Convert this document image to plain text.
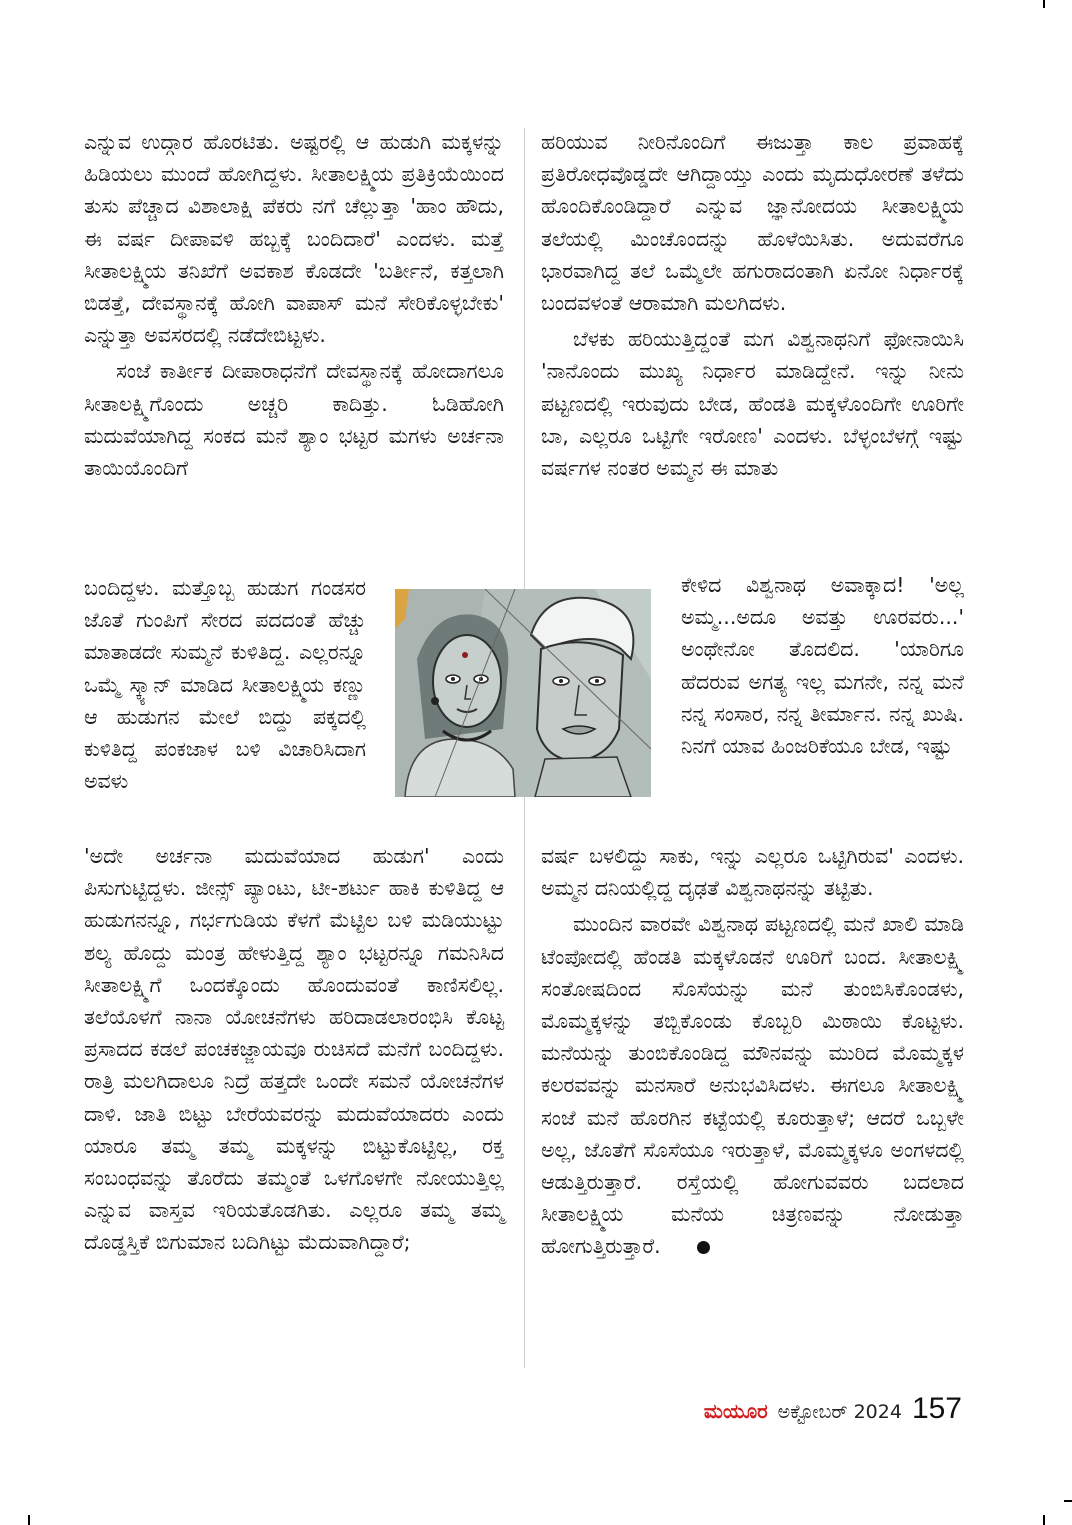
ಎನ್ನುವ ಉದ್ಗಾರ ಹೊರಟಿತು. ಅಷ್ಟರಲ್ಲಿ ಆ ಹುಡುಗಿ ಮಕ್ಕಳನ್ನು ಹಿಡಿಯಲು ಮುಂದೆ ಹೋಗಿದ್ದಳು. ಸೀತಾಲಕ್ಷ್ಮಿಯ ಪ್ರತಿಕ್ರಿಯೆಯಿಂದ ತುಸು ಪೆಚ್ಚಾದ ವಿಶಾಲಾಕ್ಷಿ ಪೆಕರು ನಗೆ ಚೆಲ್ಲುತ್ತಾ 'ಹಾಂ ಹೌದು, ಈ ವರ್ಷ ದೀಪಾವಳಿ ಹಬ್ಬಕ್ಕೆ ಬಂದಿದಾರೆ' ಎಂದಳು. ಮತ್ತೆ ಸೀತಾಲಕ್ಷ್ಮಿಯ ತನಿಖೆಗೆ ಅವಕಾಶ ಕೊಡದೇ 'ಬರ್ತೀನೆ, ಕತ್ತಲಾಗಿ ಬಿಡತ್ತೆ, ದೇವಸ್ಥಾನಕ್ಕೆ ಹೋಗಿ ವಾಪಾಸ್ ಮನೆ ಸೇರಿಕೊಳ್ಳಬೇಕು' ಎನ್ನುತ್ತಾ ಅವಸರದಲ್ಲಿ ನಡೆದೇಬಿಟ್ಟಳು.

ಸಂಜೆ ಕಾರ್ತೀಕ ದೀಪಾರಾಧನೆಗೆ ದೇವಸ್ಥಾನಕ್ಕೆ ಹೋದಾಗಲೂ ಸೀತಾಲಕ್ಷ್ಮಿಗೊಂದು ಅಚ್ಚರಿ ಕಾದಿತ್ತು. ಓಡಿಹೋಗಿ ಮದುವೆಯಾಗಿದ್ದ ಸಂಕದ ಮನೆ ಶ್ಯಾಂ ಭಟ್ಟರ ಮಗಳು ಅರ್ಚನಾ ತಾಯಿಯೊಂದಿಗೆ

ಬಂದಿದ್ದಳು. ಮತ್ತೊಬ್ಬ ಹುಡುಗ ಗಂಡಸರ ಜೊತೆ ಗುಂಪಿಗೆ ಸೇರದ ಪದದಂತೆ ಹೆಚ್ಚು ಮಾತಾಡದೇ ಸುಮ್ಮನೆ ಕುಳಿತಿದ್ದ. ಎಲ್ಲರನ್ನೂ ಒಮ್ಮೆ ಸ್ಕ್ಯಾನ್ ಮಾಡಿದ ಸೀತಾಲಕ್ಷ್ಮಿಯ ಕಣ್ಣು ಆ ಹುಡುಗನ ಮೇಲೆ ಬಿದ್ದು ಪಕ್ಕದಲ್ಲಿ ಕುಳಿತಿದ್ದ ಪಂಕಜಾಳ ಬಳಿ ವಿಚಾರಿಸಿದಾಗ ಅವಳು

'ಅದೇ ಅರ್ಚನಾ ಮದುವೆಯಾದ ಹುಡುಗ' ಎಂದು ಪಿಸುಗುಟ್ಟಿದ್ದಳು. ಜೀನ್ಸ್ ಪ್ಯಾಂಟು, ಟೀ-ಶರ್ಟು ಹಾಕಿ ಕುಳಿತಿದ್ದ ಆ ಹುಡುಗನನ್ನೂ, ಗರ್ಭಗುಡಿಯ ಕೆಳಗೆ ಮೆಟ್ಟಿಲ ಬಳಿ ಮಡಿಯುಟ್ಟು ಶಲ್ಯ ಹೊದ್ದು ಮಂತ್ರ ಹೇಳುತ್ತಿದ್ದ ಶ್ಯಾಂ ಭಟ್ಟರನ್ನೂ ಗಮನಿಸಿದ ಸೀತಾಲಕ್ಷ್ಮಿಗೆ ಒಂದಕ್ಕೊಂದು ಹೊಂದುವಂತೆ ಕಾಣಿಸಲಿಲ್ಲ. ತಲೆಯೊಳಗೆ ನಾನಾ ಯೋಚನೆಗಳು ಹರಿದಾಡಲಾರಂಭಿಸಿ ಕೊಟ್ಟ ಪ್ರಸಾದದ ಕಡಲೆ ಪಂಚಕಜ್ಜಾಯವೂ ರುಚಿಸದೆ ಮನೆಗೆ ಬಂದಿದ್ದಳು. ರಾತ್ರಿ ಮಲಗಿದಾಲೂ ನಿದ್ರೆ ಹತ್ತದೇ ಒಂದೇ ಸಮನೆ ಯೋಚನೆಗಳ ದಾಳಿ. ಜಾತಿ ಬಿಟ್ಟು ಬೇರೆಯವರನ್ನು ಮದುವೆಯಾದರು ಎಂದು ಯಾರೂ ತಮ್ಮ ತಮ್ಮ ಮಕ್ಕಳನ್ನು ಬಿಟ್ಟುಕೊಟ್ಟಿಲ್ಲ, ರಕ್ತ ಸಂಬಂಧವನ್ನು ತೊರೆದು ತಮ್ಮಂತೆ ಒಳಗೊಳಗೇ ನೋಯುತ್ತಿಲ್ಲ ಎನ್ನುವ ವಾಸ್ತವ ಇರಿಯತೊಡಗಿತು. ಎಲ್ಲರೂ ತಮ್ಮ ತಮ್ಮ ದೊಡ್ಡಸ್ತಿಕೆ ಬಿಗುಮಾನ ಬದಿಗಿಟ್ಟು ಮೆದುವಾಗಿದ್ದಾರೆ;

ಹರಿಯುವ ನೀರಿನೊಂದಿಗೆ ಈಜುತ್ತಾ ಕಾಲ ಪ್ರವಾಹಕ್ಕೆ ಪ್ರತಿರೋಧವೊಡ್ಡದೇ ಆಗಿದ್ದಾಯ್ತು ಎಂದು ಮೃದುಧೋರಣೆ ತಳೆದು ಹೊಂದಿಕೊಂಡಿದ್ದಾರೆ ಎನ್ನುವ ಜ್ಞಾನೋದಯ ಸೀತಾಲಕ್ಷ್ಮಿಯ ತಲೆಯಲ್ಲಿ ಮಿಂಚೊಂದನ್ನು ಹೊಳೆಯಿಸಿತು. ಅದುವರೆಗೂ ಭಾರವಾಗಿದ್ದ ತಲೆ ಒಮ್ಮೆಲೇ ಹಗುರಾದಂತಾಗಿ ಏನೋ ನಿರ್ಧಾರಕ್ಕೆ ಬಂದವಳಂತೆ ಆರಾಮಾಗಿ ಮಲಗಿದಳು.

ಬೆಳಕು ಹರಿಯುತ್ತಿದ್ದಂತೆ ಮಗ ವಿಶ್ವನಾಥನಿಗೆ ಫೋನಾಯಿಸಿ 'ನಾನೊಂದು ಮುಖ್ಯ ನಿರ್ಧಾರ ಮಾಡಿದ್ದೇನೆ. ಇನ್ನು ನೀನು ಪಟ್ಟಣದಲ್ಲಿ ಇರುವುದು ಬೇಡ, ಹೆಂಡತಿ ಮಕ್ಕಳೊಂದಿಗೇ ಊರಿಗೇ ಬಾ, ಎಲ್ಲರೂ ಒಟ್ಟಿಗೇ ಇರೋಣ' ಎಂದಳು. ಬೆಳ್ಳಂಬೆಳಗ್ಗೆ ಇಷ್ಟು ವರ್ಷಗಳ ನಂತರ ಅಮ್ಮನ ಈ ಮಾತು

ಕೇಳಿದ ವಿಶ್ವನಾಥ ಅವಾಕ್ಕಾದ! 'ಅಲ್ಲ ಅಮ್ಮ...ಅದೂ ಅವತ್ತು ಊರವರು...' ಅಂಥೇನೋ ತೊದಲಿದ. 'ಯಾರಿಗೂ ಹೆದರುವ ಅಗತ್ಯ ಇಲ್ಲ ಮಗನೇ, ನನ್ನ ಮನೆ ನನ್ನ ಸಂಸಾರ, ನನ್ನ ತೀರ್ಮಾನ. ನನ್ನ ಖುಷಿ. ನಿನಗೆ ಯಾವ ಹಿಂಜರಿಕೆಯೂ ಬೇಡ, ಇಷ್ಟು

ವರ್ಷ ಬಳಲಿದ್ದು ಸಾಕು, ಇನ್ನು ಎಲ್ಲರೂ ಒಟ್ಟಿಗಿರುವ' ಎಂದಳು. ಅಮ್ಮನ ದನಿಯಲ್ಲಿದ್ದ ದೃಢತೆ ವಿಶ್ವನಾಥನನ್ನು ತಟ್ಟಿತು.

ಮುಂದಿನ ವಾರವೇ ವಿಶ್ವನಾಥ ಪಟ್ಟಣದಲ್ಲಿ ಮನೆ ಖಾಲಿ ಮಾಡಿ ಟೆಂಪೋದಲ್ಲಿ ಹೆಂಡತಿ ಮಕ್ಕಳೊಡನೆ ಊರಿಗೆ ಬಂದ. ಸೀತಾಲಕ್ಷ್ಮಿ ಸಂತೋಷದಿಂದ ಸೊಸೆಯನ್ನು ಮನೆ ತುಂಬಿಸಿಕೊಂಡಳು, ಮೊಮ್ಮಕ್ಕಳನ್ನು ತಬ್ಬಿಕೊಂಡು ಕೊಬ್ಬರಿ ಮಿಠಾಯಿ ಕೊಟ್ಟಳು. ಮನೆಯನ್ನು ತುಂಬಿಕೊಂಡಿದ್ದ ಮೌನವನ್ನು ಮುರಿದ ಮೊಮ್ಮಕ್ಕಳ ಕಲರವವನ್ನು ಮನಸಾರೆ ಅನುಭವಿಸಿದಳು. ಈಗಲೂ ಸೀತಾಲಕ್ಷ್ಮಿ ಸಂಜೆ ಮನೆ ಹೊರಗಿನ ಕಟ್ಟೆಯಲ್ಲಿ ಕೂರುತ್ತಾಳೆ; ಆದರೆ ಒಬ್ಬಳೇ ಅಲ್ಲ, ಜೊತೆಗೆ ಸೊಸೆಯೂ ಇರುತ್ತಾಳೆ, ಮೊಮ್ಮಕ್ಕಳೂ ಅಂಗಳದಲ್ಲಿ ಆಡುತ್ತಿರುತ್ತಾರೆ. ರಸ್ತೆಯಲ್ಲಿ ಹೋಗುವವರು ಬದಲಾದ ಸೀತಾಲಕ್ಷ್ಮಿಯ ಮನೆಯ ಚಿತ್ರಣವನ್ನು ನೋಡುತ್ತಾ ಹೋಗುತ್ತಿರುತ್ತಾರೆ.

ಮಯೂರ ಅಕ್ಟೋಬರ್ 2024 157
